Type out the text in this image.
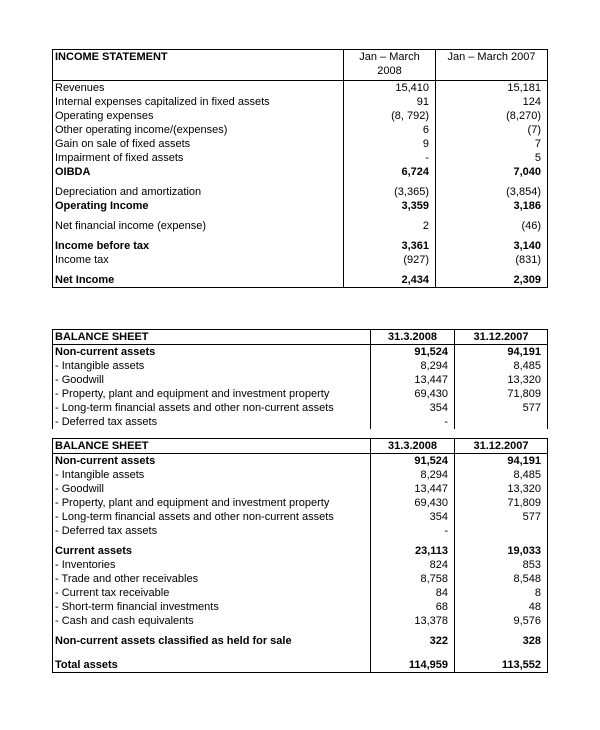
INCOME STATEMENT	Jan – March 2008	Jan – March 2007
Revenues	15,410	15,181
Internal expenses capitalized in fixed assets	91	124
Operating expenses	(8, 792)	(8,270)
Other operating income/(expenses)	6	(7)
Gain on sale of fixed assets	9	7
Impairment of fixed assets	-	5
OIBDA	6,724	7,040
Depreciation and amortization	(3,365)	(3,854)
Operating Income	3,359	3,186
Net financial income (expense)	2	(46)
Income before tax	3,361	3,140
Income tax	(927)	(831)
Net Income	2,434	2,309
BALANCE SHEET	31.3.2008	31.12.2007
Non-current assets	91,524	94,191
- Intangible assets	8,294	8,485
- Goodwill	13,447	13,320
- Property, plant and equipment and investment property	69,430	71,809
- Long-term financial assets and other non-current assets	354	577
- Deferred tax assets	-	
BALANCE SHEET	31.3.2008	31.12.2007
Non-current assets	91,524	94,191
- Intangible assets	8,294	8,485
- Goodwill	13,447	13,320
- Property, plant and equipment and investment property	69,430	71,809
- Long-term financial assets and other non-current assets	354	577
- Deferred tax assets	-	
Current assets	23,113	19,033
- Inventories	824	853
- Trade and other receivables	8,758	8,548
- Current tax receivable	84	8
- Short-term financial investments	68	48
- Cash and cash equivalents	13,378	9,576
Non-current assets classified as held for sale	322	328
Total assets	114,959	113,552
